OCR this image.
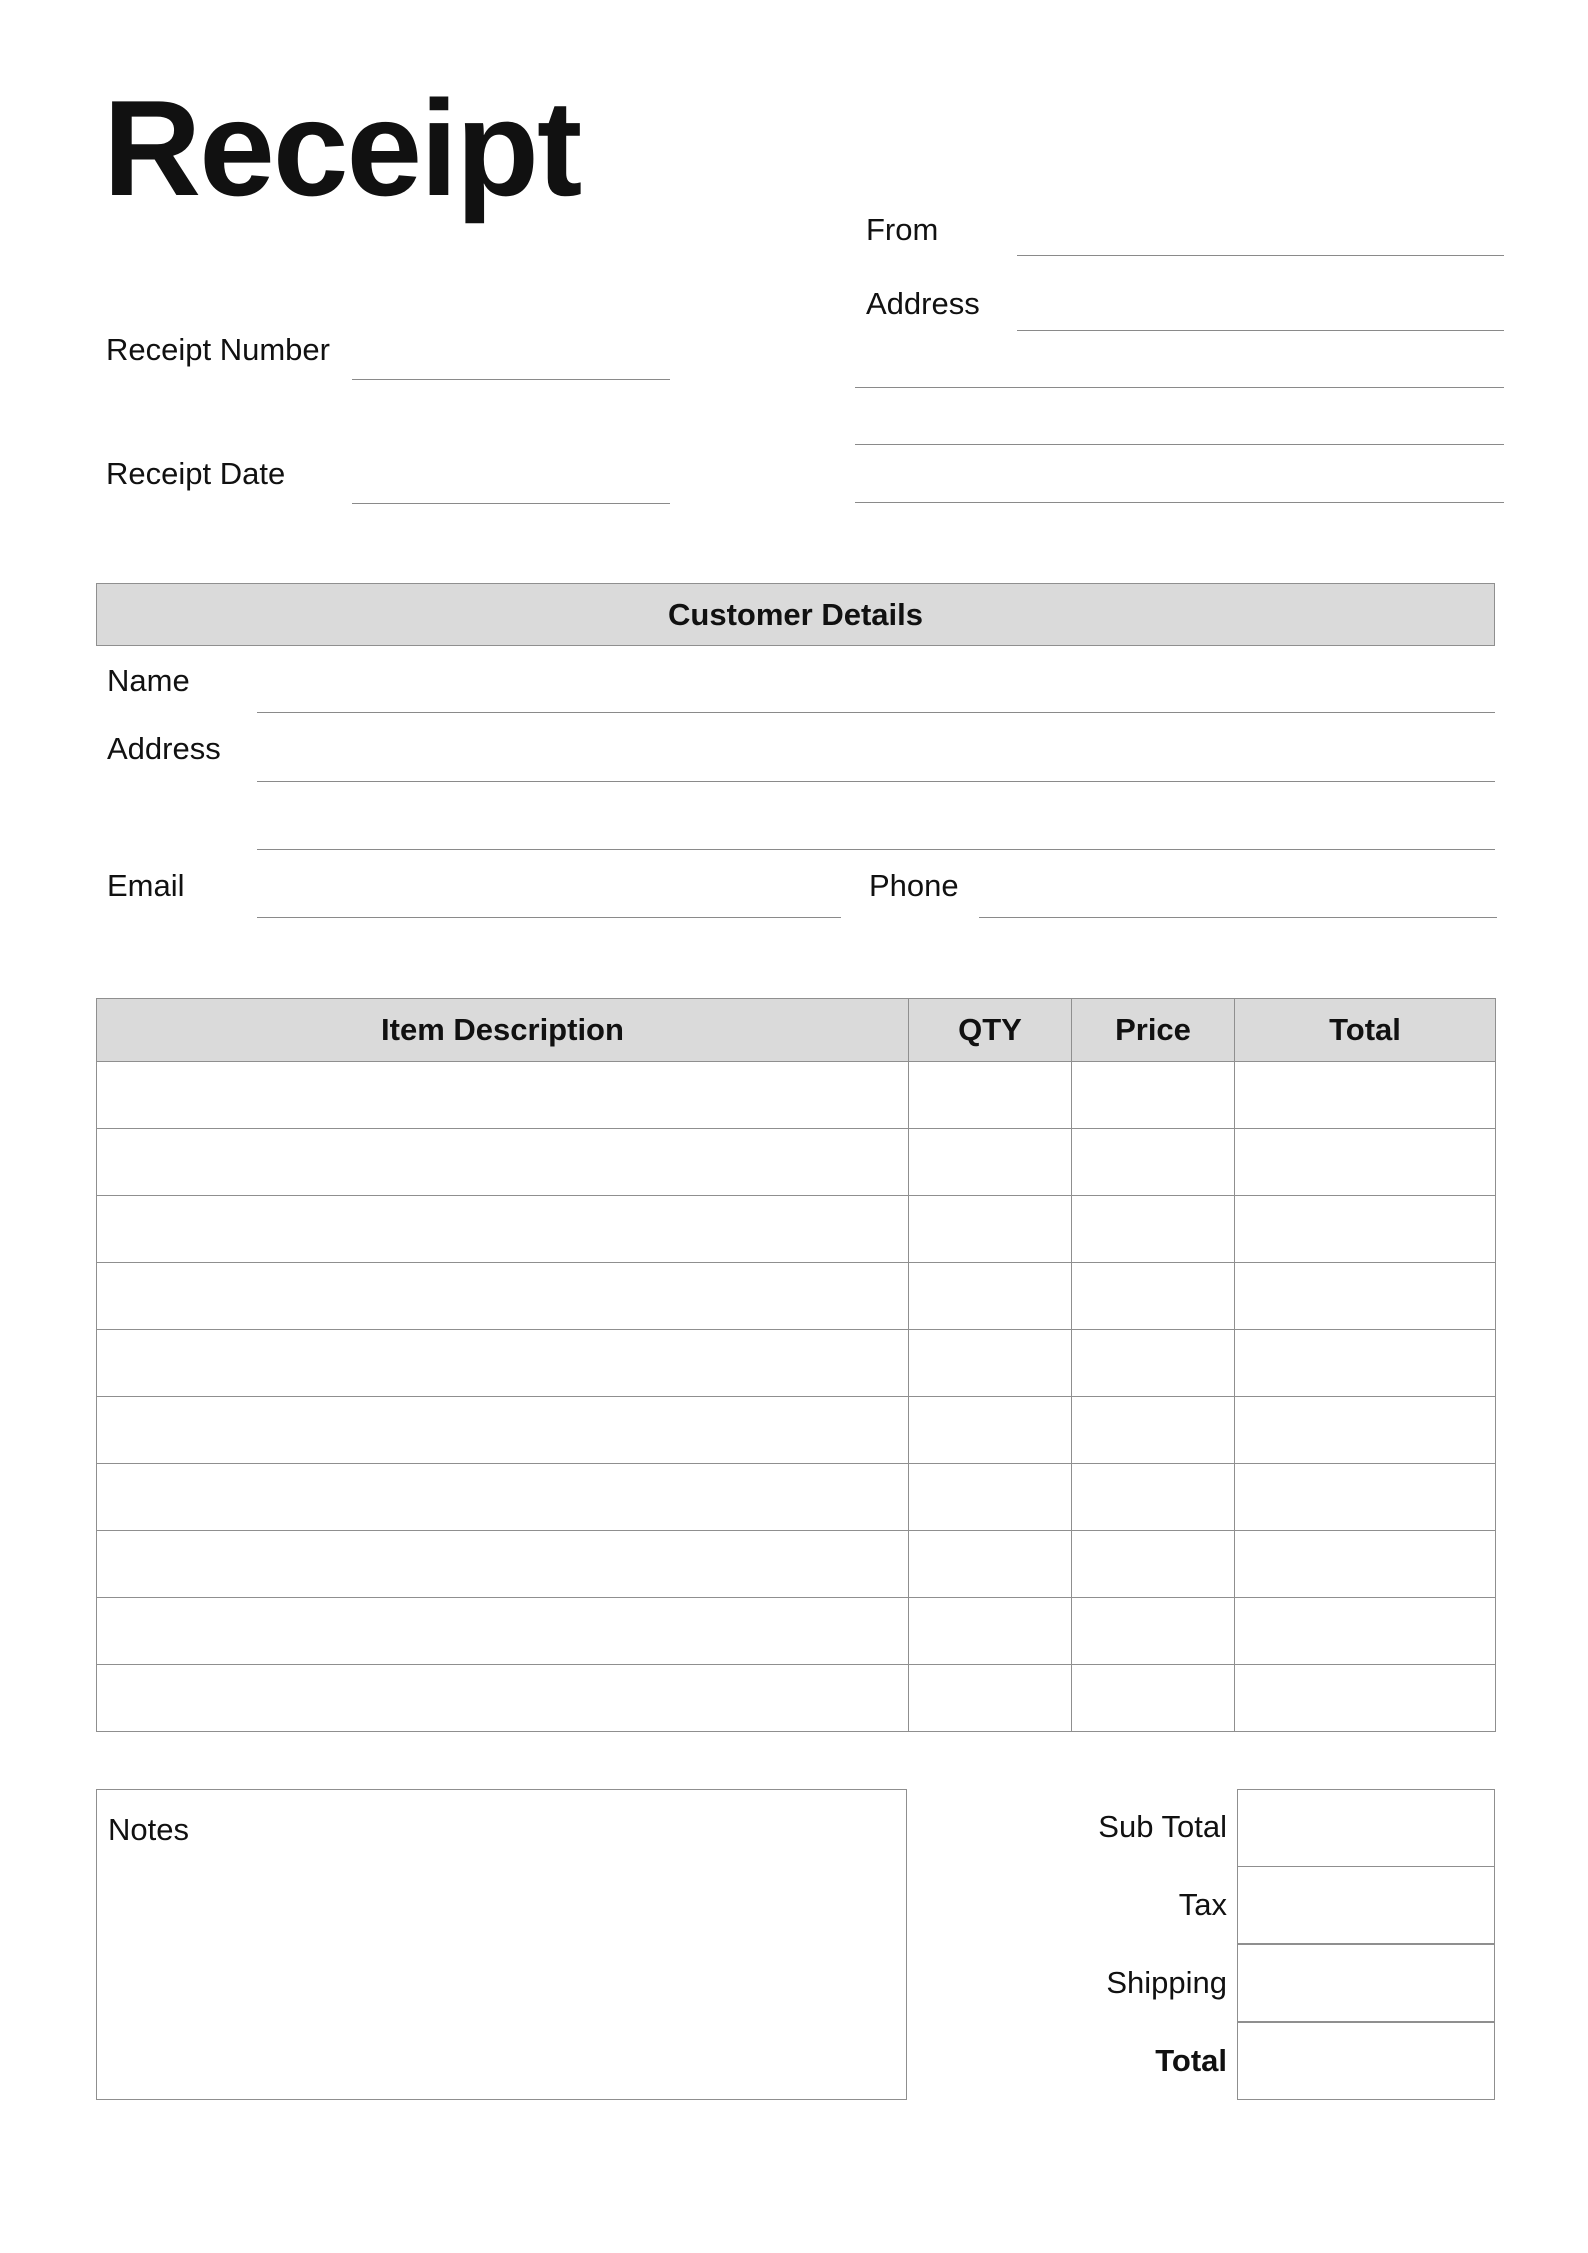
Receipt
From
Address
Receipt Number
Receipt Date
Customer Details
Name
Address
Email	Phone
Item Description	QTY	Price	Total

Notes	Sub Total
Tax
Shipping
Total
